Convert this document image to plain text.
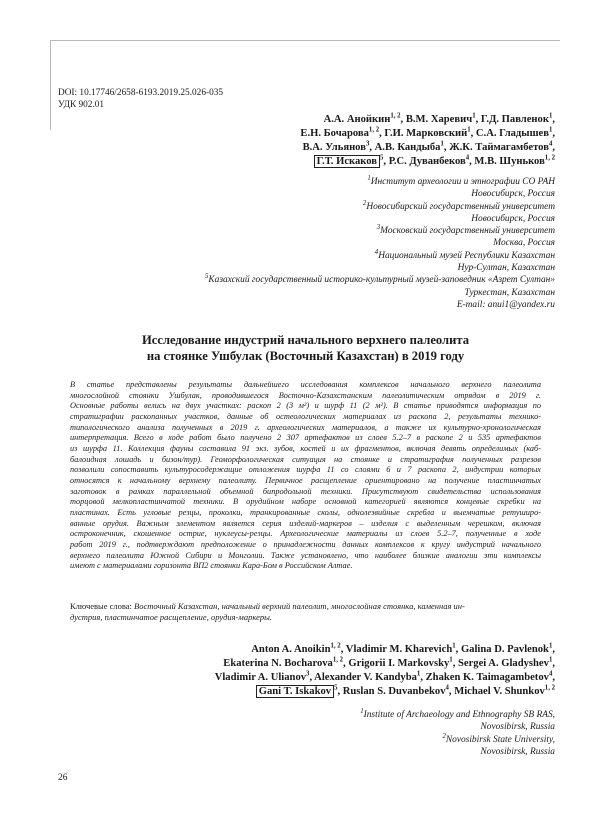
DOI: 10.17746/2658-6193.2019.25.026-035
УДК 902.01
А.А. Анойкин$^{1, 2}$, В.М. Харевич$^1$, Г.Д. Павленок$^1$,
Е.Н. Бочарова$^{1, 2}$, Г.И. Марковский$^1$, С.А. Гладышев$^1$,
В.А. Ульянов$^3$, А.В. Кандыба$^1$, Ж.К. Таймагамбетов$^4$,
Г.Т. Искаков $^5$, Р.С. Дуванбеков$^4$, М.В. Шуньков$^{1, 2}$
$^1$Институт археологии и этнографии СО РАН
Новосибирск, Россия
$^2$Новосибирский государственный университет
Новосибирск, Россия
$^3$Московский государственный университет
Москва, Россия
$^4$Национальный музей Республики Казахстан
Нур-Султан, Казахстан
$^5$Казахский государственный историко-культурный музей-заповедник «Азрет Султан»
Туркестан, Казахстан
E-mail: anui1@yandex.ru
Исследование индустрий начального верхнего палеолита
на стоянке Ушбулак (Восточный Казахстан) в 2019 году
В статье представлены результаты дальнейшего исследования комплексов начального верхнего палеолита
многослойной стоянки Ушбулак, проводившегося Восточно-Казахстанским палеолитическим отрядом в 2019 г.
Основные работы велись на двух участках: раскоп 2 (3 м²) и шурф 11 (2 м²). В статье приводятся информация по
стратиграфии раскопанных участков, данные об остеологических материалах из раскопа 2, результаты технико-
типологического анализа полученных в 2019 г. археологических материалов, а также их культурно-хронологическая
интерпретация. Всего в ходе работ было получено 2 307 артефактов из слоев 5.2–7 в раскопе 2 и 535 артефактов
из шурфа 11. Коллекция фауны составила 91 экз. зубов, костей и их фрагментов, включая девять определимых (каб-
балоидная лошадь и бизон/тур). Геоморфологическая ситуация на стоянке и стратиграфия полученных разрезов
позволили сопоставить культуросодержащие отложения шурфа 11 со слоями 6 и 7 раскопа 2, индустрии которых
относятся к начальному верхнему палеолиту. Первичное расщепление ориентировано на получение пластинчатых
заготовок в рамках параллельной объемной бипродольной техники. Присутствуют свидетельства использования
торцовой мелкопластинчатой техники. В орудийном наборе основной категорией являются концевые скребки на
пластинах. Есть угловые резцы, проколки, транкированные сколы, однолезвийные скребла и выемчатые ретуширо-
ванные орудия. Важным элементом является серия изделий-маркеров – изделия с выделенным черешком, включая
остроконечник, скошенное острие, нуклеусы-резцы. Археологические материалы из слоев 5.2–7, полученные в ходе
работ 2019 г., подтверждают предположение о принадлежности данных комплексов к кругу индустрий начального
верхнего палеолита Южной Сибири и Монголии. Также установлено, что наиболее близкие аналогии эти комплексы
имеют с материалами горизонта ВП2 стоянки Кара-Бом в Российском Алтае.
Ключевые слова: Восточный Казахстан, начальный верхний палеолит, многослойная стоянка, каменная ин-
дустрия, пластинчатое расщепление, орудия-маркеры.
Anton A. Anoikin$^{1, 2}$, Vladimir M. Kharevich$^1$, Galina D. Pavlenok$^1$,
Ekaterina N. Bocharova$^{1, 2}$, Grigorii I. Markovsky$^1$, Sergei A. Gladyshev$^1$,
Vladimir A. Ulianov$^3$, Alexander V. Kandyba$^1$, Zhaken K. Taimagambetov$^4$,
Gani T. Iskakov $^5$, Ruslan S. Duvanbekov$^4$, Michael V. Shunkov$^{1, 2}$
$^1$Institute of Archaeology and Ethnography SB RAS,
Novosibirsk, Russia
$^2$Novosibirsk State University,
Novosibirsk, Russia
26
